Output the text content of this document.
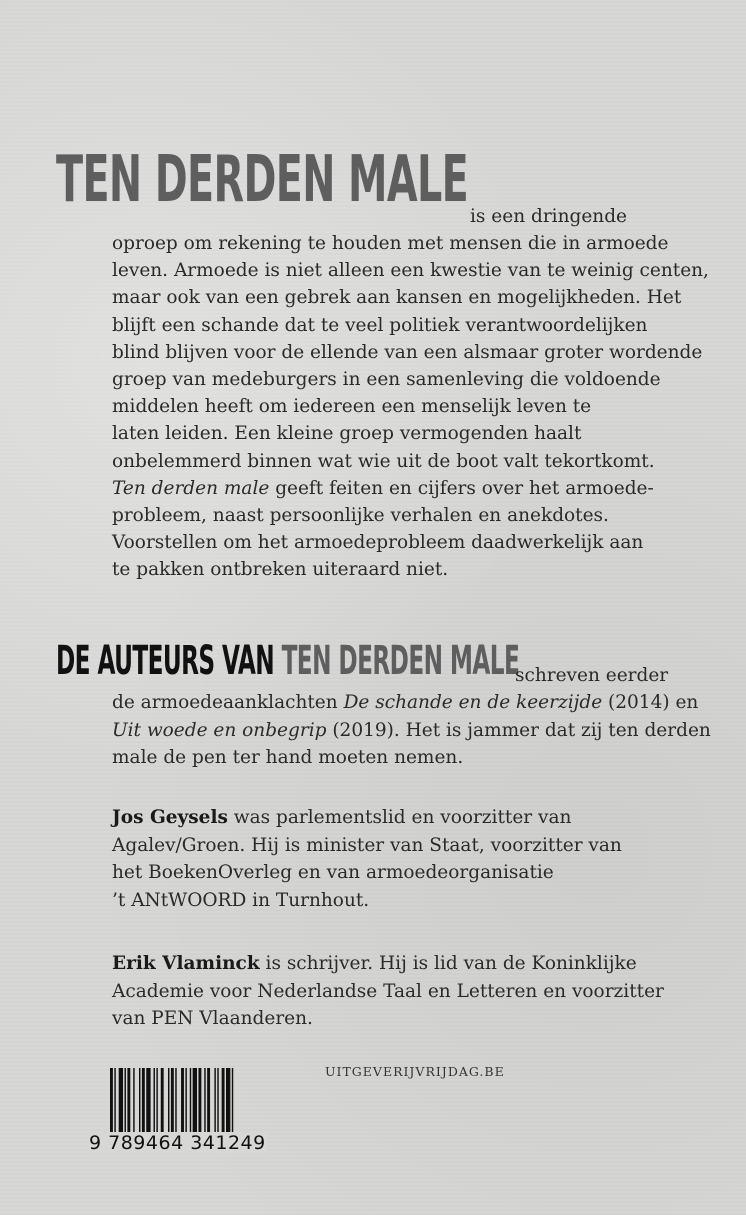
TEN DERDEN MALE is een dringende
oproep om rekening te houden met mensen die in armoede
leven. Armoede is niet alleen een kwestie van te weinig centen,
maar ook van een gebrek aan kansen en mogelijkheden. Het
blijft een schande dat te veel politiek verantwoordelijken
blind blijven voor de ellende van een alsmaar groter wordende
groep van medeburgers in een samenleving die voldoende
middelen heeft om iedereen een menselijk leven te
laten leiden. Een kleine groep vermogenden haalt
onbelemmerd binnen wat wie uit de boot valt tekortkomt.
Ten derden male geeft feiten en cijfers over het armoede-
probleem, naast persoonlijke verhalen en anekdotes.
Voorstellen om het armoedeprobleem daadwerkelijk aan
te pakken ontbreken uiteraard niet.
DE AUTEURS VAN TEN DERDEN MALE
schreven eerder
de armoedeaanklachten De schande en de keerzijde (2014) en
Uit woede en onbegrip (2019). Het is jammer dat zij ten derden
male de pen ter hand moeten nemen.
Jos Geysels was parlementslid en voorzitter van
Agalev/Groen. Hij is minister van Staat, voorzitter van
het BoekenOverleg en van armoedeorganisatie
’t ANtWOORD in Turnhout.
Erik Vlaminck is schrijver. Hij is lid van de Koninklijke
Academie voor Nederlandse Taal en Letteren en voorzitter
van PEN Vlaanderen.
9 789464 341249
UITGEVERIJVRIJDAG.BE
